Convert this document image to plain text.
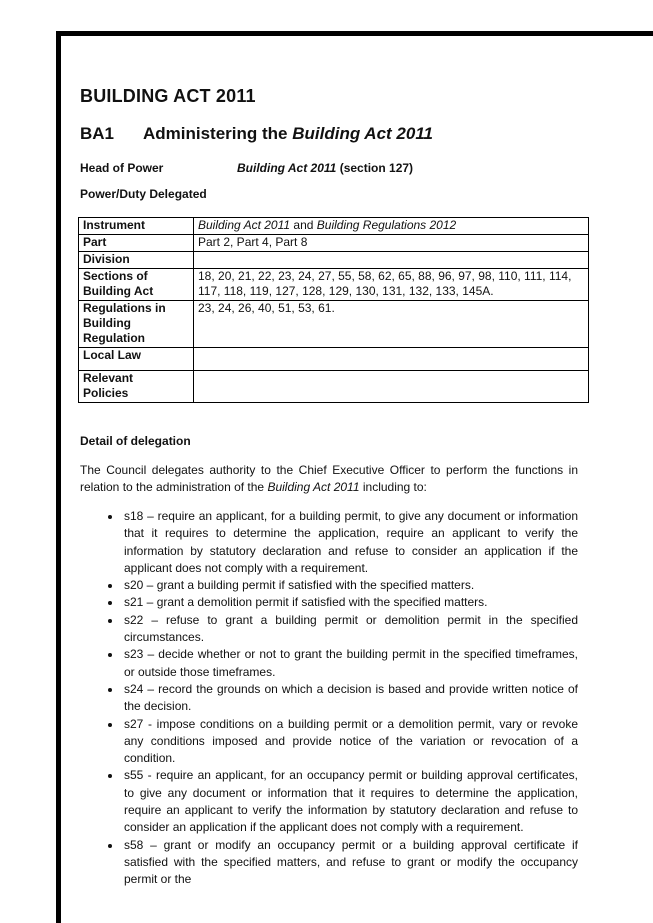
BUILDING ACT 2011
BA1	Administering the Building Act 2011
Head of Power	Building Act 2011 (section 127)
Power/Duty Delegated
Instrument	Building Act 2011 and Building Regulations 2012
Part	Part 2, Part 4, Part 8
Division	
Sections of Building Act	18, 20, 21, 22, 23, 24, 27, 55, 58, 62, 65, 88, 96, 97, 98, 110, 111, 114, 117, 118, 119, 127, 128, 129, 130, 131, 132, 133, 145A.
Regulations in Building Regulation	23, 24, 26, 40, 51, 53, 61.
Local Law	
Relevant Policies	
Detail of delegation

The Council delegates authority to the Chief Executive Officer to perform the functions in relation to the administration of the Building Act 2011 including to:

• s18 – require an applicant, for a building permit, to give any document or information that it requires to determine the application, require an applicant to verify the information by statutory declaration and refuse to consider an application if the applicant does not comply with a requirement.
• s20 – grant a building permit if satisfied with the specified matters.
• s21 – grant a demolition permit if satisfied with the specified matters.
• s22 – refuse to grant a building permit or demolition permit in the specified circumstances.
• s23 – decide whether or not to grant the building permit in the specified timeframes, or outside those timeframes.
• s24 – record the grounds on which a decision is based and provide written notice of the decision.
• s27 - impose conditions on a building permit or a demolition permit, vary or revoke any conditions imposed and provide notice of the variation or revocation of a condition.
• s55 - require an applicant, for an occupancy permit or building approval certificates, to give any document or information that it requires to determine the application, require an applicant to verify the information by statutory declaration and refuse to consider an application if the applicant does not comply with a requirement.
• s58 – grant or modify an occupancy permit or a building approval certificate if satisfied with the specified matters, and refuse to grant or modify the occupancy permit or the
